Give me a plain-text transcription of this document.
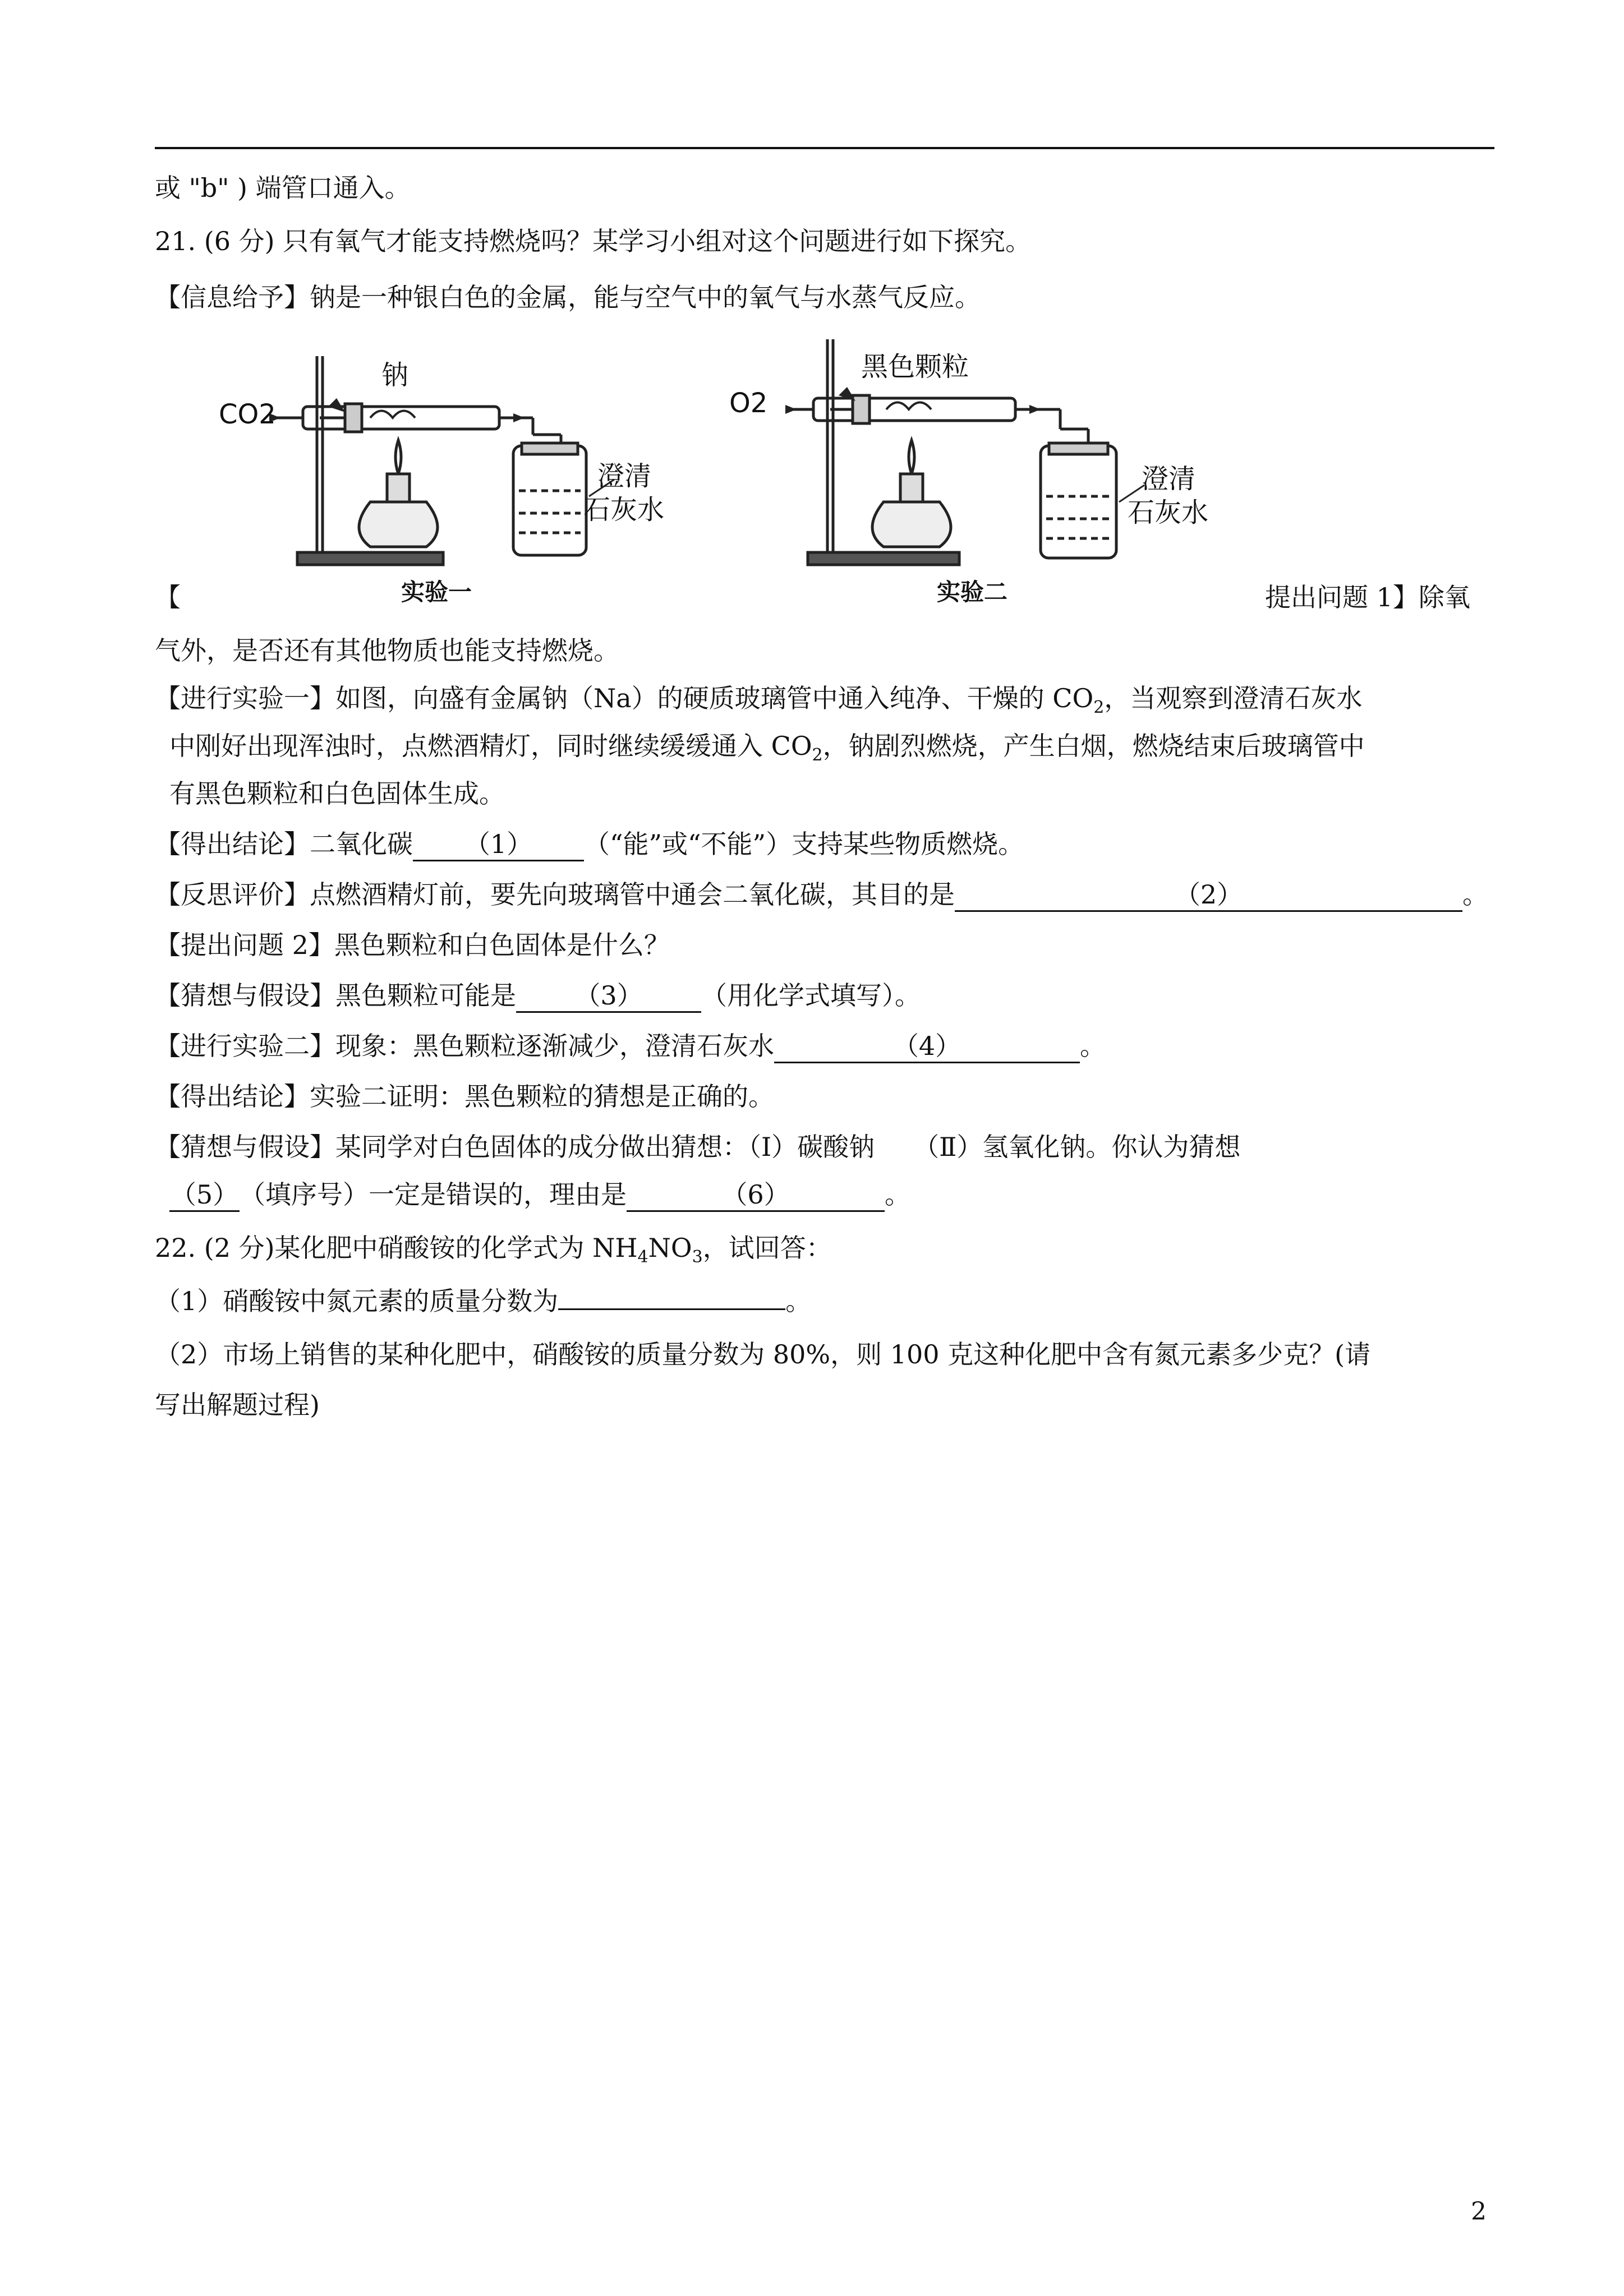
或 "b" ) 端管口通入。
21. (6 分) 只有氧气才能支持燃烧吗？某学习小组对这个问题进行如下探究。
【信息给予】钠是一种银白色的金属，能与空气中的氧气与水蒸气反应。
CO2
钠
澄清
石灰水
实验一
O2
黑色颗粒
澄清
石灰水
实验二
【	提出问题 1】除氧
气外，是否还有其他物质也能支持燃烧。
【进行实验一】如图，向盛有金属钠（Na）的硬质玻璃管中通入纯净、干燥的 $CO_2$，当观察到澄清石灰水
中刚好出现浑浊时，点燃酒精灯，同时继续缓缓通入 $CO_2$，钠剧烈燃烧，产生白烟，燃烧结束后玻璃管中
有黑色颗粒和白色固体生成。
【得出结论】二氧化碳 （1） （“能”或“不能”）支持某些物质燃烧。
【反思评价】点燃酒精灯前，要先向玻璃管中通会二氧化碳，其目的是	（2）	。
【提出问题 2】黑色颗粒和白色固体是什么？
【猜想与假设】黑色颗粒可能是 （3） （用化学式填写）。
【进行实验二】现象：黑色颗粒逐渐减少，澄清石灰水	（4）	。
【得出结论】实验二证明：黑色颗粒的猜想是正确的。
【猜想与假设】某同学对白色固体的成分做出猜想：（Ⅰ）碳酸钠　　（Ⅱ）氢氧化钠。你认为猜想
（5）（填序号）一定是错误的，理由是	（6）	。
22. (2 分)某化肥中硝酸铵的化学式为 $NH_4NO_3$，试回答：
（1）硝酸铵中氮元素的质量分数为	。
（2）市场上销售的某种化肥中，硝酸铵的质量分数为 80%，则 100 克这种化肥中含有氮元素多少克？(请
写出解题过程)
2
